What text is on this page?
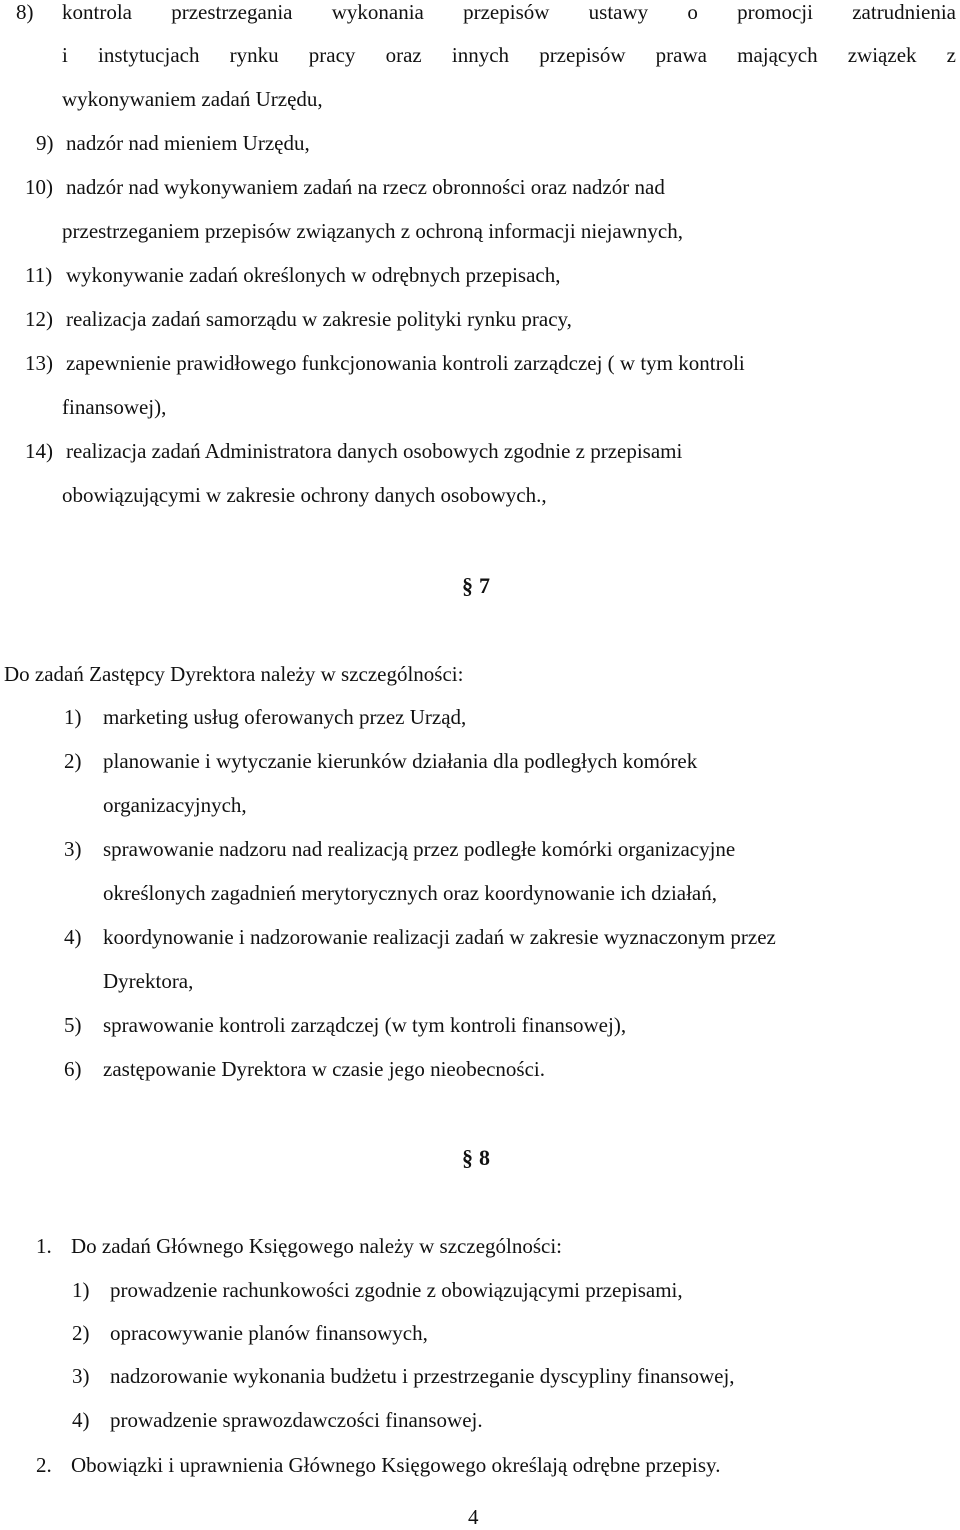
8) kontrola przestrzegania wykonania przepisów ustawy o promocji zatrudnienia
i instytucjach rynku pracy oraz innych przepisów prawa mających związek z
wykonywaniem zadań Urzędu,
9) nadzór nad mieniem Urzędu,
10) nadzór nad wykonywaniem zadań na rzecz obronności oraz nadzór nad
przestrzeganiem przepisów związanych z ochroną informacji niejawnych,
11) wykonywanie zadań określonych w odrębnych przepisach,
12) realizacja zadań samorządu w zakresie polityki rynku pracy,
13) zapewnienie prawidłowego funkcjonowania kontroli zarządczej ( w tym kontroli
finansowej),
14) realizacja zadań Administratora danych osobowych zgodnie z przepisami
obowiązującymi w zakresie ochrony danych osobowych.,
§ 7
Do zadań Zastępcy Dyrektora należy w szczególności:
1) marketing usług oferowanych przez Urząd,
2) planowanie i wytyczanie kierunków działania dla podległych komórek
organizacyjnych,
3) sprawowanie nadzoru nad realizacją przez podległe komórki organizacyjne
określonych zagadnień merytorycznych oraz koordynowanie ich działań,
4) koordynowanie i nadzorowanie realizacji zadań w zakresie wyznaczonym przez
Dyrektora,
5) sprawowanie kontroli zarządczej (w tym kontroli finansowej),
6) zastępowanie Dyrektora w czasie jego nieobecności.
§ 8
1. Do zadań Głównego Księgowego należy w szczególności:
1) prowadzenie rachunkowości zgodnie z obowiązującymi przepisami,
2) opracowywanie planów finansowych,
3) nadzorowanie wykonania budżetu i przestrzeganie dyscypliny finansowej,
4) prowadzenie sprawozdawczości finansowej.
2. Obowiązki i uprawnienia Głównego Księgowego określają odrębne przepisy.
4
